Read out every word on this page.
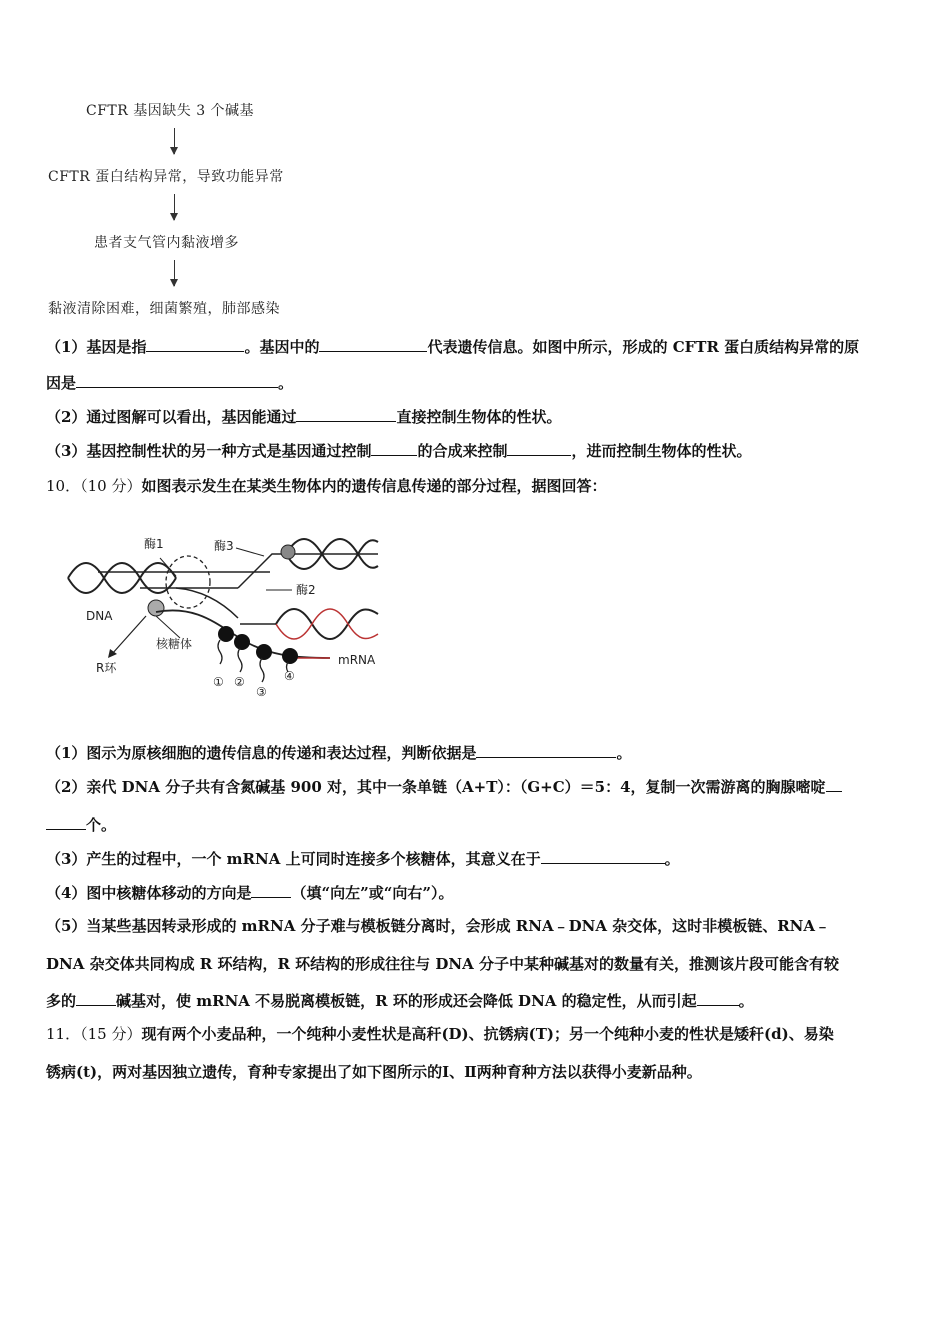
CFTR 基因缺失 3 个碱基
CFTR 蛋白结构异常，导致功能异常
患者支气管内黏液增多
黏液清除困难，细菌繁殖，肺部感染
（1）基因是指	。基因中的	代表遗传信息。如图中所示，形成的 CFTR 蛋白质结构异常的原
因是	。
（2）通过图解可以看出，基因能通过	直接控制生物体的性状。
（3）基因控制性状的另一种方式是基因通过控制	的合成来控制	，进而控制生物体的性状。
10．（10 分）如图表示发生在某类生物体内的遗传信息传递的部分过程，据图回答：
酶1	酶3
酶2
DNA
核糖体
R环
mRNA
① ②
③
④
（1）图示为原核细胞的遗传信息的传递和表达过程，判断依据是	。
（2）亲代 DNA 分子共有含氮碱基 900 对，其中一条单链（A+T）：（G+C）＝5：4，复制一次需游离的胸腺嘧啶
个。
（3）产生的过程中，一个 mRNA 上可同时连接多个核糖体，其意义在于	。
（4）图中核糖体移动的方向是	（填“向左”或“向右”）。
（5）当某些基因转录形成的 mRNA 分子难与模板链分离时，会形成 RNA﹣DNA 杂交体，这时非模板链、RNA﹣
DNA 杂交体共同构成 R 环结构，R 环结构的形成往往与 DNA 分子中某种碱基对的数量有关，推测该片段可能含有较
多的	碱基对，使 mRNA 不易脱离模板链，R 环的形成还会降低 DNA 的稳定性，从而引起	。
11．（15 分）现有两个小麦品种，一个纯种小麦性状是高秆(D)、抗锈病(T)；另一个纯种小麦的性状是矮秆(d)、易染
锈病(t)，两对基因独立遗传，育种专家提出了如下图所示的Ⅰ、Ⅱ两种育种方法以获得小麦新品种。
